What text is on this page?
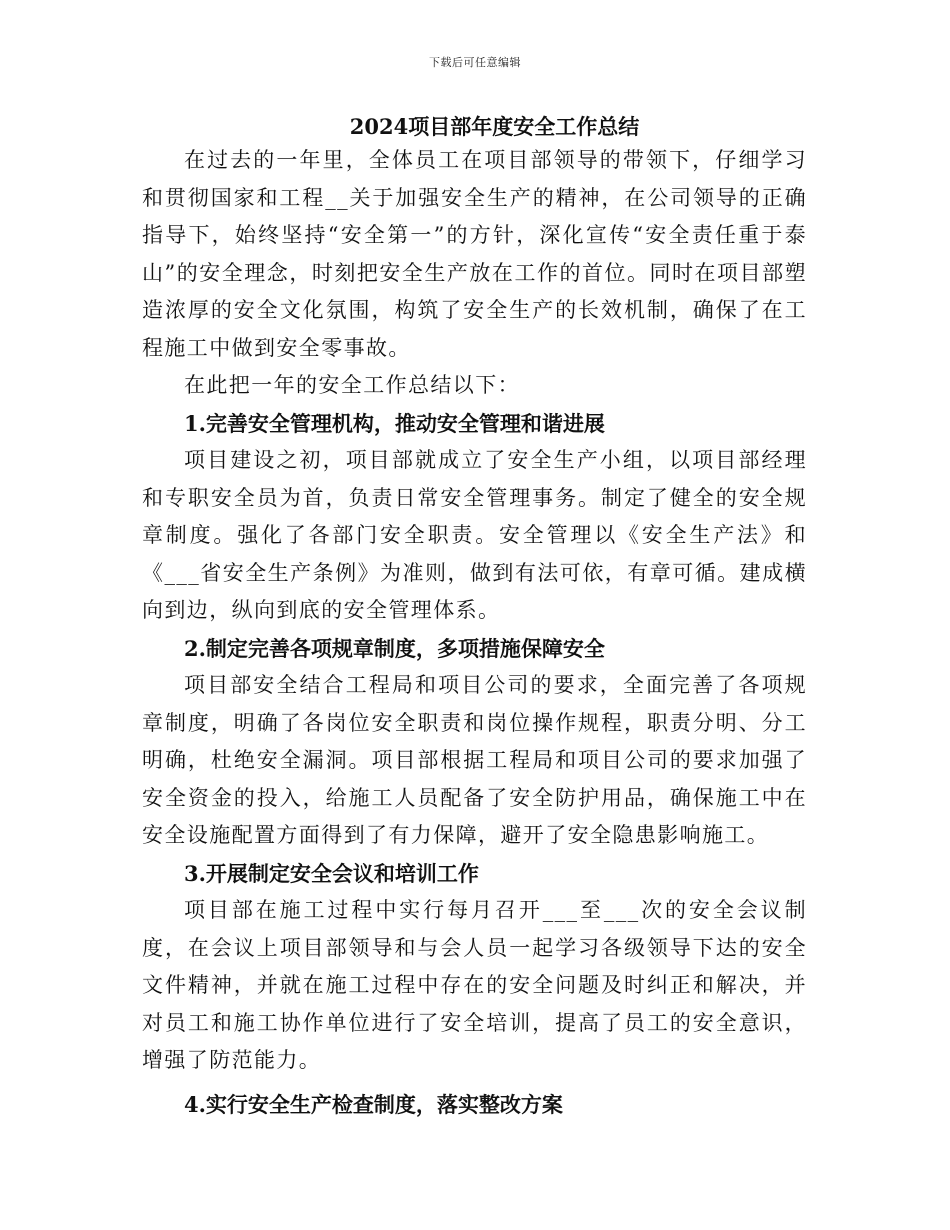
下载后可任意编辑
2024项目部年度安全工作总结

在过去的一年里，全体员工在项目部领导的带领下，仔细学习和贯彻国家和工程__关于加强安全生产的精神，在公司领导的正确指导下，始终坚持“安全第一”的方针，深化宣传“安全责任重于泰山”的安全理念，时刻把安全生产放在工作的首位。同时在项目部塑造浓厚的安全文化氛围，构筑了安全生产的长效机制，确保了在工程施工中做到安全零事故。

在此把一年的安全工作总结以下：

1.完善安全管理机构，推动安全管理和谐进展

项目建设之初，项目部就成立了安全生产小组，以项目部经理和专职安全员为首，负责日常安全管理事务。制定了健全的安全规章制度。强化了各部门安全职责。安全管理以《安全生产法》和《___省安全生产条例》为准则，做到有法可依，有章可循。建成横向到边，纵向到底的安全管理体系。

2.制定完善各项规章制度，多项措施保障安全

项目部安全结合工程局和项目公司的要求，全面完善了各项规章制度，明确了各岗位安全职责和岗位操作规程，职责分明、分工明确，杜绝安全漏洞。项目部根据工程局和项目公司的要求加强了安全资金的投入，给施工人员配备了安全防护用品，确保施工中在安全设施配置方面得到了有力保障，避开了安全隐患影响施工。

3.开展制定安全会议和培训工作

项目部在施工过程中实行每月召开___至___次的安全会议制度，在会议上项目部领导和与会人员一起学习各级领导下达的安全文件精神，并就在施工过程中存在的安全问题及时纠正和解决，并对员工和施工协作单位进行了安全培训，提高了员工的安全意识，增强了防范能力。

4.实行安全生产检查制度，落实整改方案
